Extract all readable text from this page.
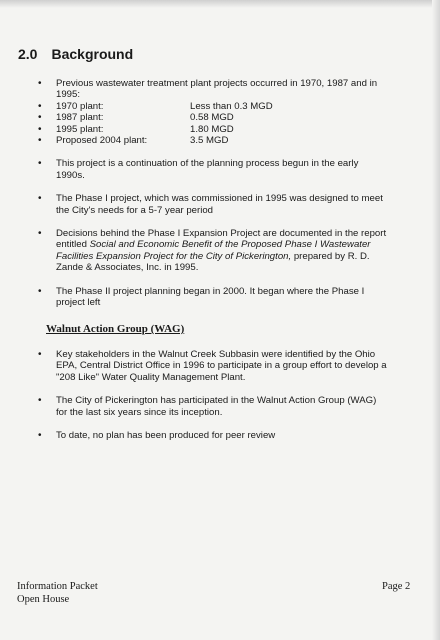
2.0 Background
• Previous wastewater treatment plant projects occurred in 1970, 1987 and in 1995:
• 1970 plant:	Less than 0.3 MGD
• 1987 plant:	0.58 MGD
• 1995 plant:	1.80 MGD
• Proposed 2004 plant:	3.5 MGD
• This project is a continuation of the planning process begun in the early 1990s.
• The Phase I project, which was commissioned in 1995 was designed to meet the City's needs for a 5-7 year period
• Decisions behind the Phase I Expansion Project are documented in the report entitled Social and Economic Benefit of the Proposed Phase I Wastewater Facilities Expansion Project for the City of Pickerington, prepared by R. D. Zande & Associates, Inc. in 1995.
• The Phase II project planning began in 2000. It began where the Phase I project left
Walnut Action Group (WAG)
• Key stakeholders in the Walnut Creek Subbasin were identified by the Ohio EPA, Central District Office in 1996 to participate in a group effort to develop a "208 Like" Water Quality Management Plant.
• The City of Pickerington has participated in the Walnut Action Group (WAG) for the last six years since its inception.
• To date, no plan has been produced for peer review
Information Packet
Open House
Page 2
